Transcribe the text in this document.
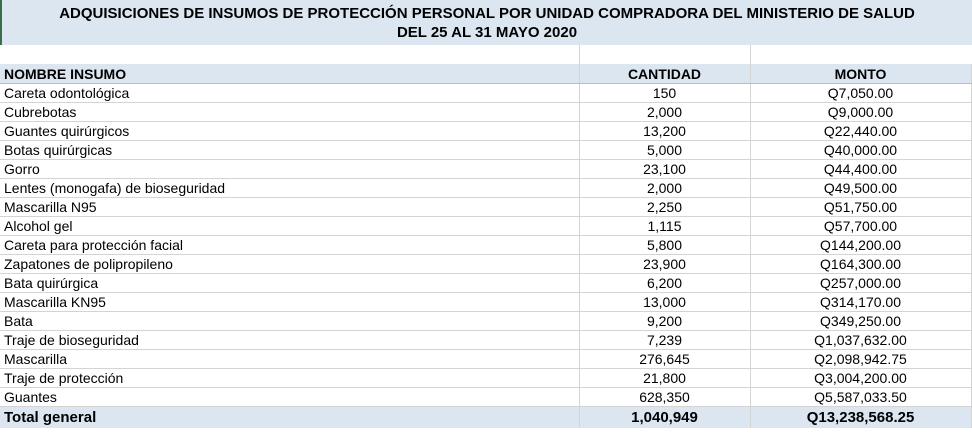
ADQUISICIONES DE INSUMOS DE PROTECCIÓN PERSONAL POR UNIDAD COMPRADORA DEL MINISTERIO DE SALUD
DEL 25 AL 31 MAYO 2020
NOMBRE INSUMO	CANTIDAD	MONTO
Careta odontológica	150	Q7,050.00
Cubrebotas	2,000	Q9,000.00
Guantes quirúrgicos	13,200	Q22,440.00
Botas quirúrgicas	5,000	Q40,000.00
Gorro	23,100	Q44,400.00
Lentes (monogafa) de bioseguridad	2,000	Q49,500.00
Mascarilla N95	2,250	Q51,750.00
Alcohol gel	1,115	Q57,700.00
Careta para protección facial	5,800	Q144,200.00
Zapatones de polipropileno	23,900	Q164,300.00
Bata quirúrgica	6,200	Q257,000.00
Mascarilla KN95	13,000	Q314,170.00
Bata	9,200	Q349,250.00
Traje de bioseguridad	7,239	Q1,037,632.00
Mascarilla	276,645	Q2,098,942.75
Traje de protección	21,800	Q3,004,200.00
Guantes	628,350	Q5,587,033.50
Total general	1,040,949	Q13,238,568.25
